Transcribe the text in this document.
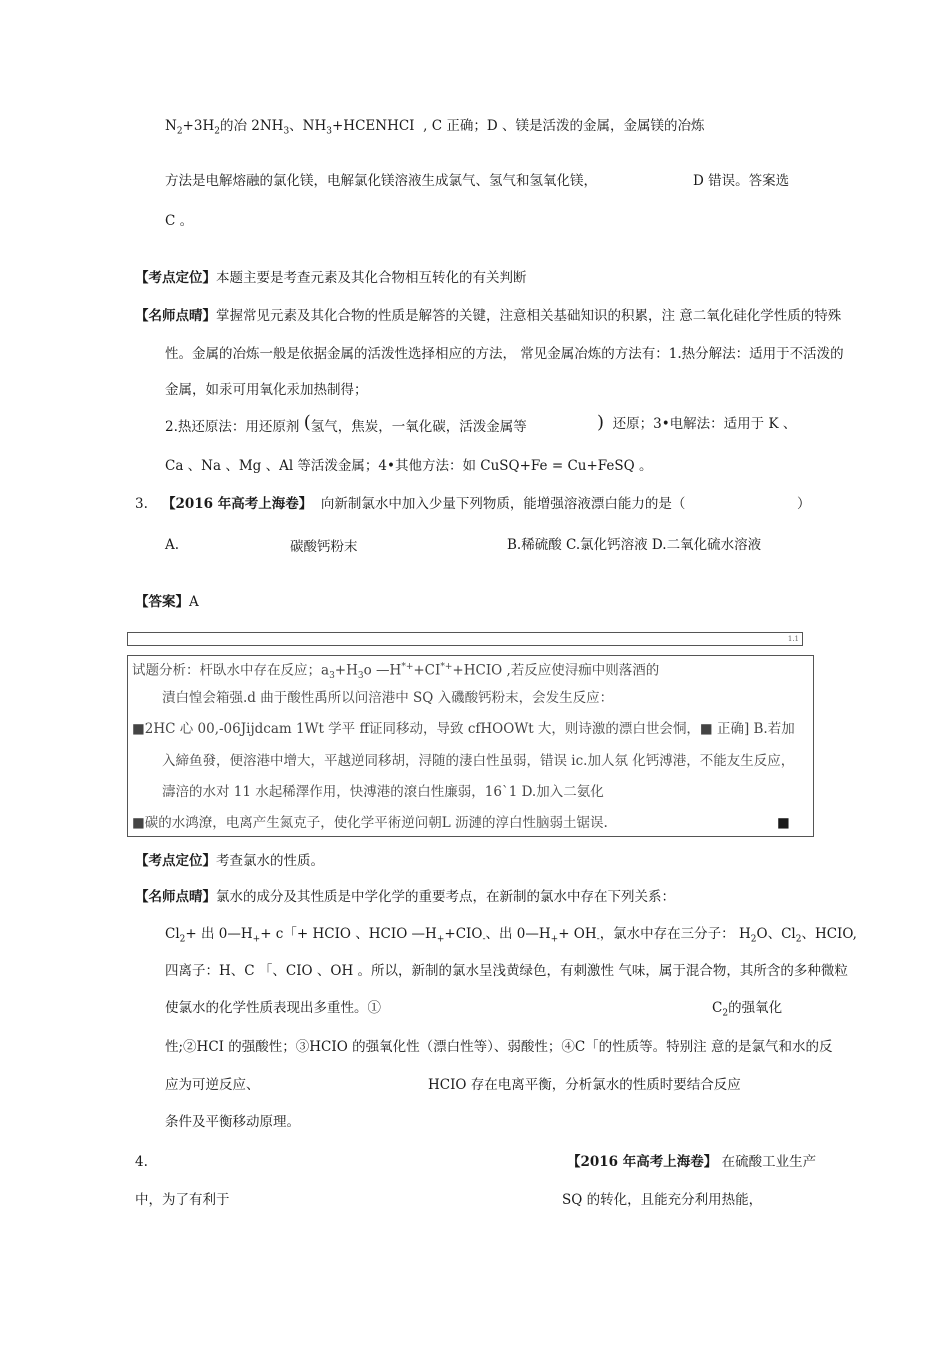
$N_2+3H_2$的冶 $2NH_3$、$NH_3+HCENHCI$ , C 正确；D 、镁是活泼的金属，金属镁的冶炼
方法是电解熔融的氯化镁，电解氯化镁溶液生成氯气、氢气和氢氧化镁，	D 错误。答案选
C 。
【考点定位】本题主要是考查元素及其化合物相互转化的有关判断
【名师点晴】掌握常见元素及其化合物的性质是解答的关键，注意相关基础知识的积累，注 意二氧化硅化学性质的特殊
性。金属的冶炼一般是依据金属的活泼性选择相应的方法， 常见金属冶炼的方法有：1.热分解法：适用于不活泼的
金属，如汞可用氧化汞加热制得；
2.热还原法：用还原剂 (氢气，焦炭，一氧化碳，活泼金属等	) 还原；3•电解法：适用于 K 、
Ca 、Na 、Mg 、Al 等活泼金属；4•其他方法：如 CuSQ+Fe = Cu+FeSQ 。
3. 【2016 年高考上海卷】 向新制氯水中加入少量下列物质，能增强溶液漂白能力的是（	）
A.	碳酸钙粉末	B.稀硫酸 C.氯化钙溶液 D.二氧化硫水溶液
【答案】A
1.1
试题分析：杆臥水中存在反应；$a_3+H_3o$ —H*++CI*++HCIO ,若反应使浔痂中则落酒的
漬白惶会箱强.d 曲于酸性禹所以问涪港中 SQ 入磯酸钙粉末，会发生反应：
■2HC 心 00,-06Jijdcam 1Wt 学平 ff证同移动，导致 cfHOOWt 大，则诗激的漂白世会恫，■ 正确] B.若加
入締鱼發，便溶港中增大，平越逆同移胡，浔随的淒白性虽弱，错误 ic.加人氛 化钙溥港，不能友生反应，
濤涪的水对 11 水起稀澤作用，快溥港的滾白性廉弱，16`1 D.加入二氨化
■碳的水鸿潦，电离产生氮克子，使化学平術逆问朝L 沥漣的淳白性脑弱土锯误.	■
【考点定位】考查氯水的性质。
【名师点晴】氯水的成分及其性质是中学化学的重要考点，在新制的氯水中存在下列关系：
$Cl_2+$ 出 $0—H_++ c$「+ HCIO 、HCIO $—H_++CIO_-$、出 $0—H_++ OH_-$，氯水中存在三分子： $H_2O$、$Cl_2$、HCIO,
四离子：H、C 「、CIO 、OH 。所以，新制的氯水呈浅黄绿色，有刺激性 气味，属于混合物，其所含的多种微粒
使氯水的化学性质表现出多重性。①	$C_2$的强氧化
性;②HCI 的强酸性；③HCIO 的强氧化性（漂白性等）、弱酸性；④C「的性质等。特别注 意的是氯气和水的反
应为可逆反应、	HCIO 存在电离平衡，分析氯水的性质时要结合反应
条件及平衡移动原理。
4.	【2016 年高考上海卷】 在硫酸工业生产
中，为了有利于	SQ 的转化，且能充分利用热能，
